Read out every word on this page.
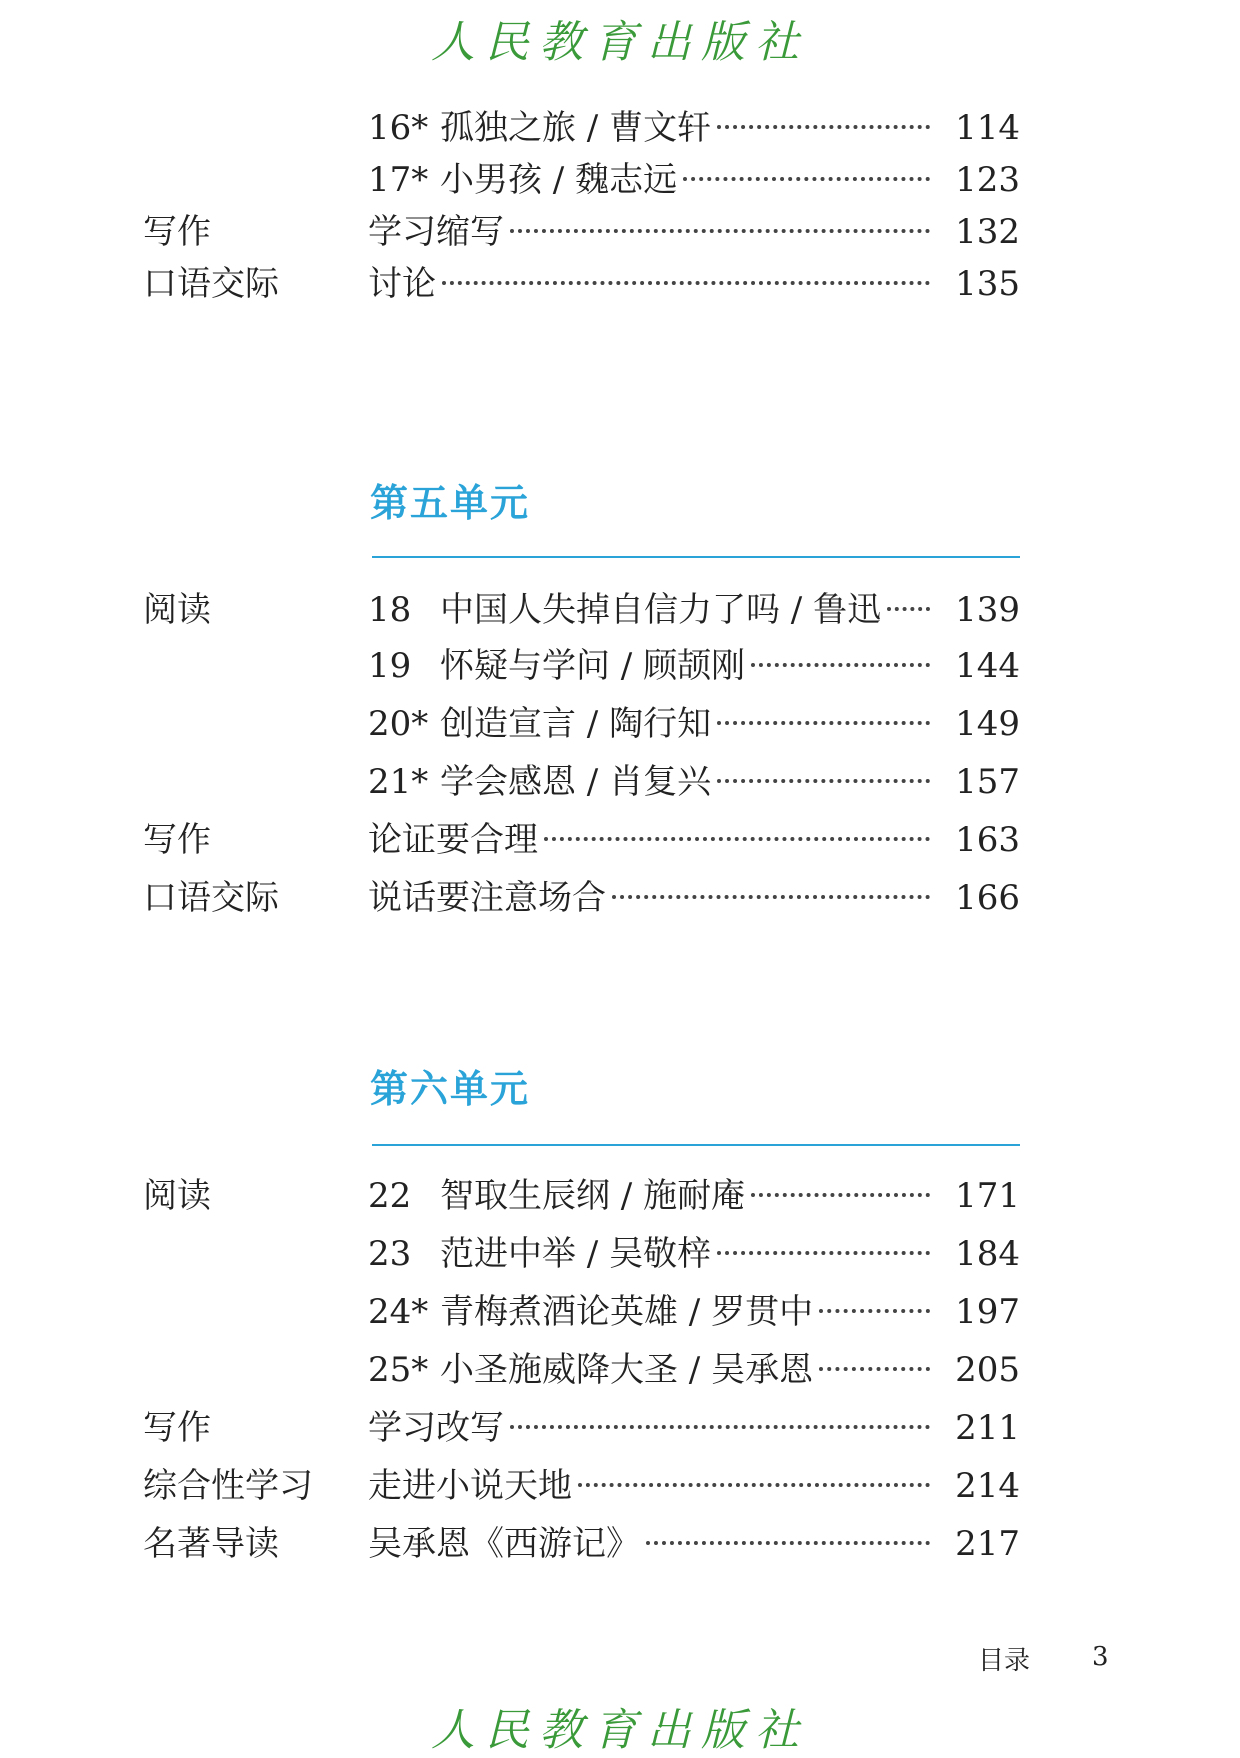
人民教育出版社
16* 孤独之旅 / 曹文轩	114
17* 小男孩 / 魏志远	123
写作	学习缩写	132
口语交际	讨论	135
第五单元
阅读	18 中国人失掉自信力了吗 / 鲁迅 139
19 怀疑与学问 / 顾颉刚	144
20* 创造宣言 / 陶行知	149
21* 学会感恩 / 肖复兴	157
写作	论证要合理	163
口语交际	说话要注意场合	166
第六单元
阅读	22 智取生辰纲 / 施耐庵	171
23 范进中举 / 吴敬梓	184
24* 青梅煮酒论英雄 / 罗贯中	197
25* 小圣施威降大圣 / 吴承恩	205
写作	学习改写	211
综合性学习 走进小说天地	214
名著导读	吴承恩《西游记》	217
目录 3
人民教育出版社
